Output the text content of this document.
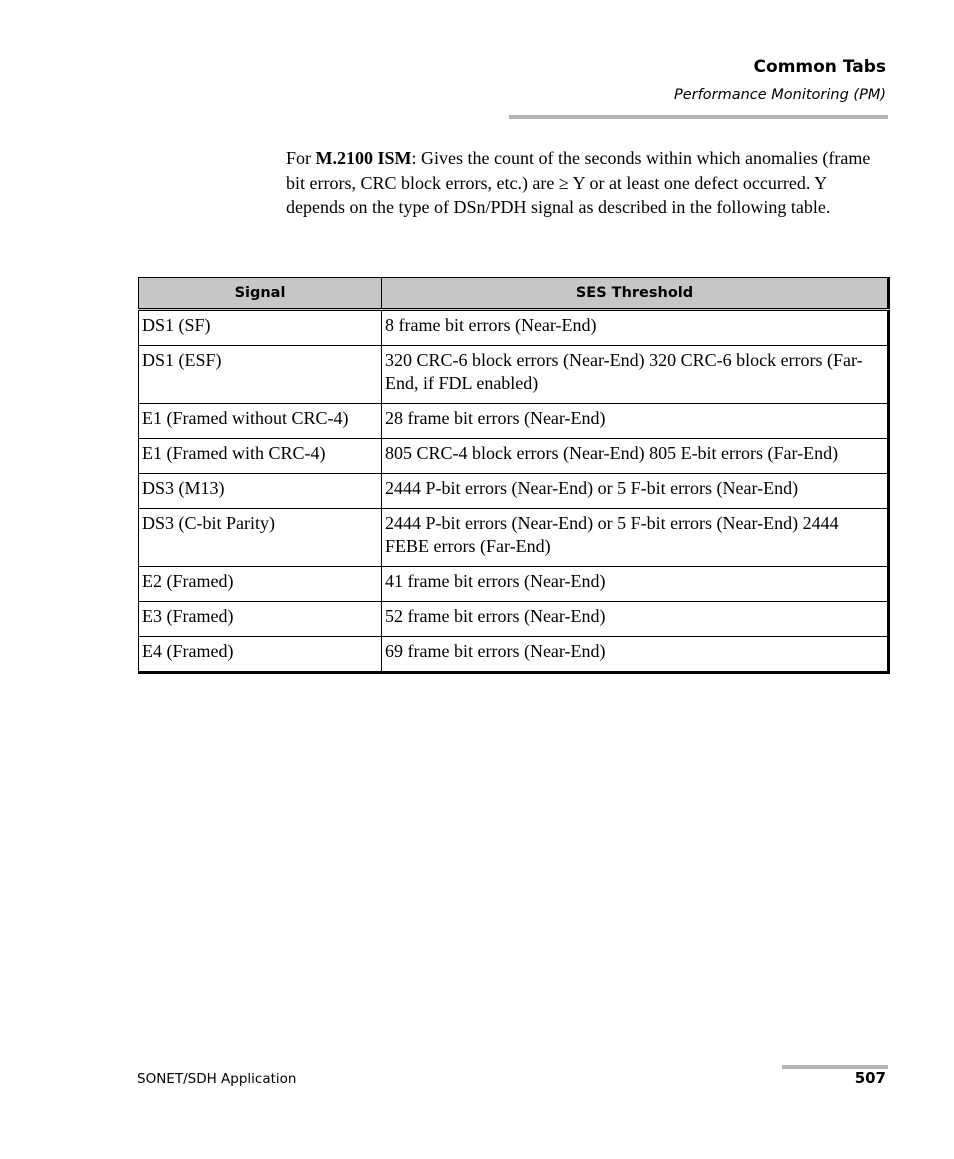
Common Tabs
Performance Monitoring (PM)

For M.2100 ISM: Gives the count of the seconds within which anomalies (frame bit errors, CRC block errors, etc.) are ≥ Y or at least one defect occurred. Y depends on the type of DSn/PDH signal as described in the following table.

Signal	SES Threshold
DS1 (SF)	8 frame bit errors (Near-End)
DS1 (ESF)	320 CRC-6 block errors (Near-End) 320 CRC-6 block errors (Far-End, if FDL enabled)
E1 (Framed without CRC-4)	28 frame bit errors (Near-End)
E1 (Framed with CRC-4)	805 CRC-4 block errors (Near-End) 805 E-bit errors (Far-End)
DS3 (M13)	2444 P-bit errors (Near-End) or 5 F-bit errors (Near-End)
DS3 (C-bit Parity)	2444 P-bit errors (Near-End) or 5 F-bit errors (Near-End) 2444 FEBE errors (Far-End)
E2 (Framed)	41 frame bit errors (Near-End)
E3 (Framed)	52 frame bit errors (Near-End)
E4 (Framed)	69 frame bit errors (Near-End)
SONET/SDH Application	507
